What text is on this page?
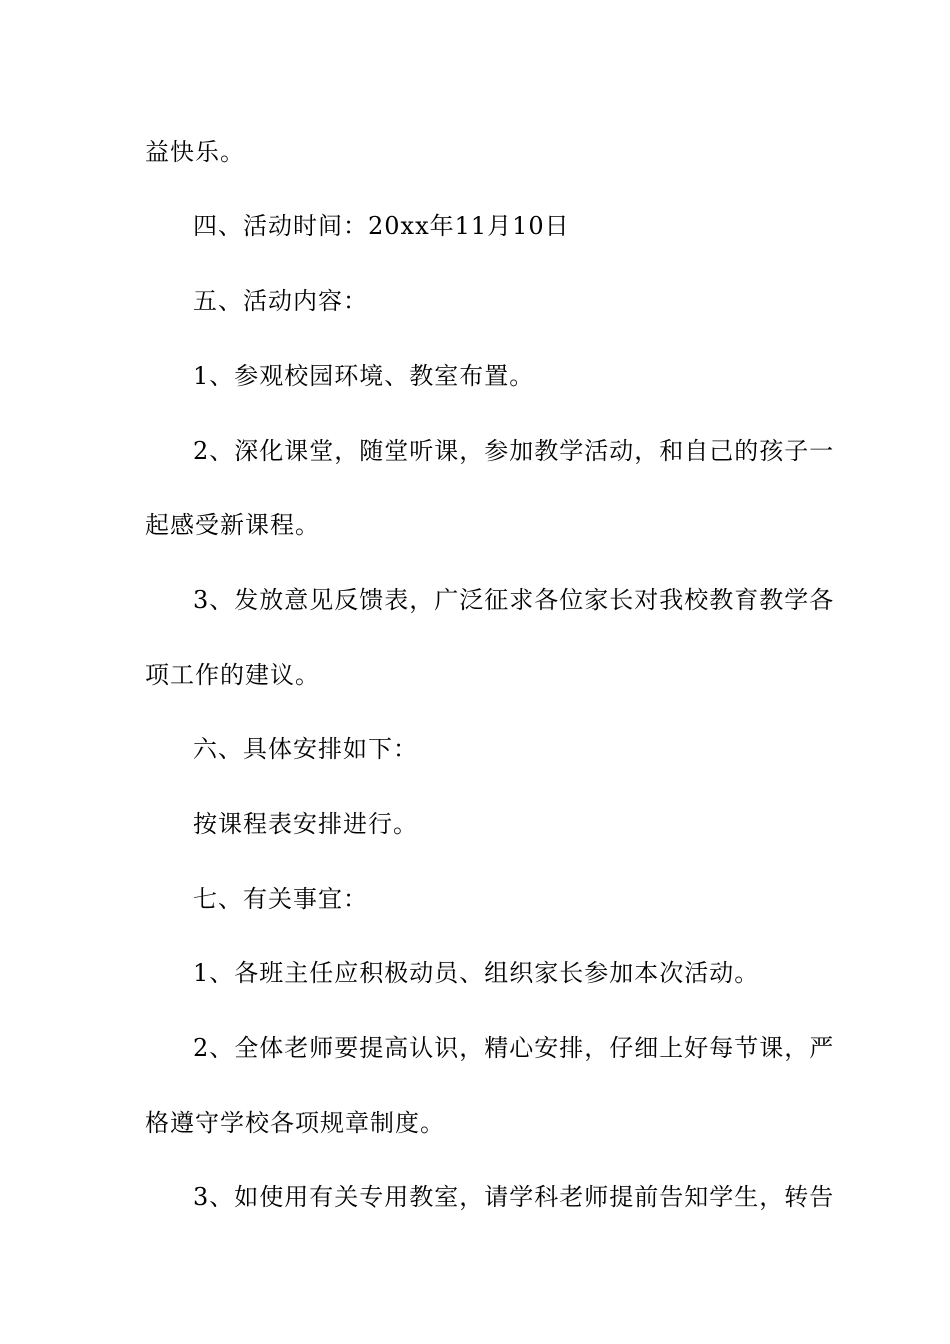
益快乐。
四、活动时间：20xx年11月10日
五、活动内容：
1、参观校园环境、教室布置。
2、深化课堂，随堂听课，参加教学活动，和自己的孩子一
起感受新课程。
3、发放意见反馈表，广泛征求各位家长对我校教育教学各
项工作的建议。
六、具体安排如下：
按课程表安排进行。
七、有关事宜：
1、各班主任应积极动员、组织家长参加本次活动。
2、全体老师要提高认识，精心安排，仔细上好每节课，严
格遵守学校各项规章制度。
3、如使用有关专用教室，请学科老师提前告知学生，转告
